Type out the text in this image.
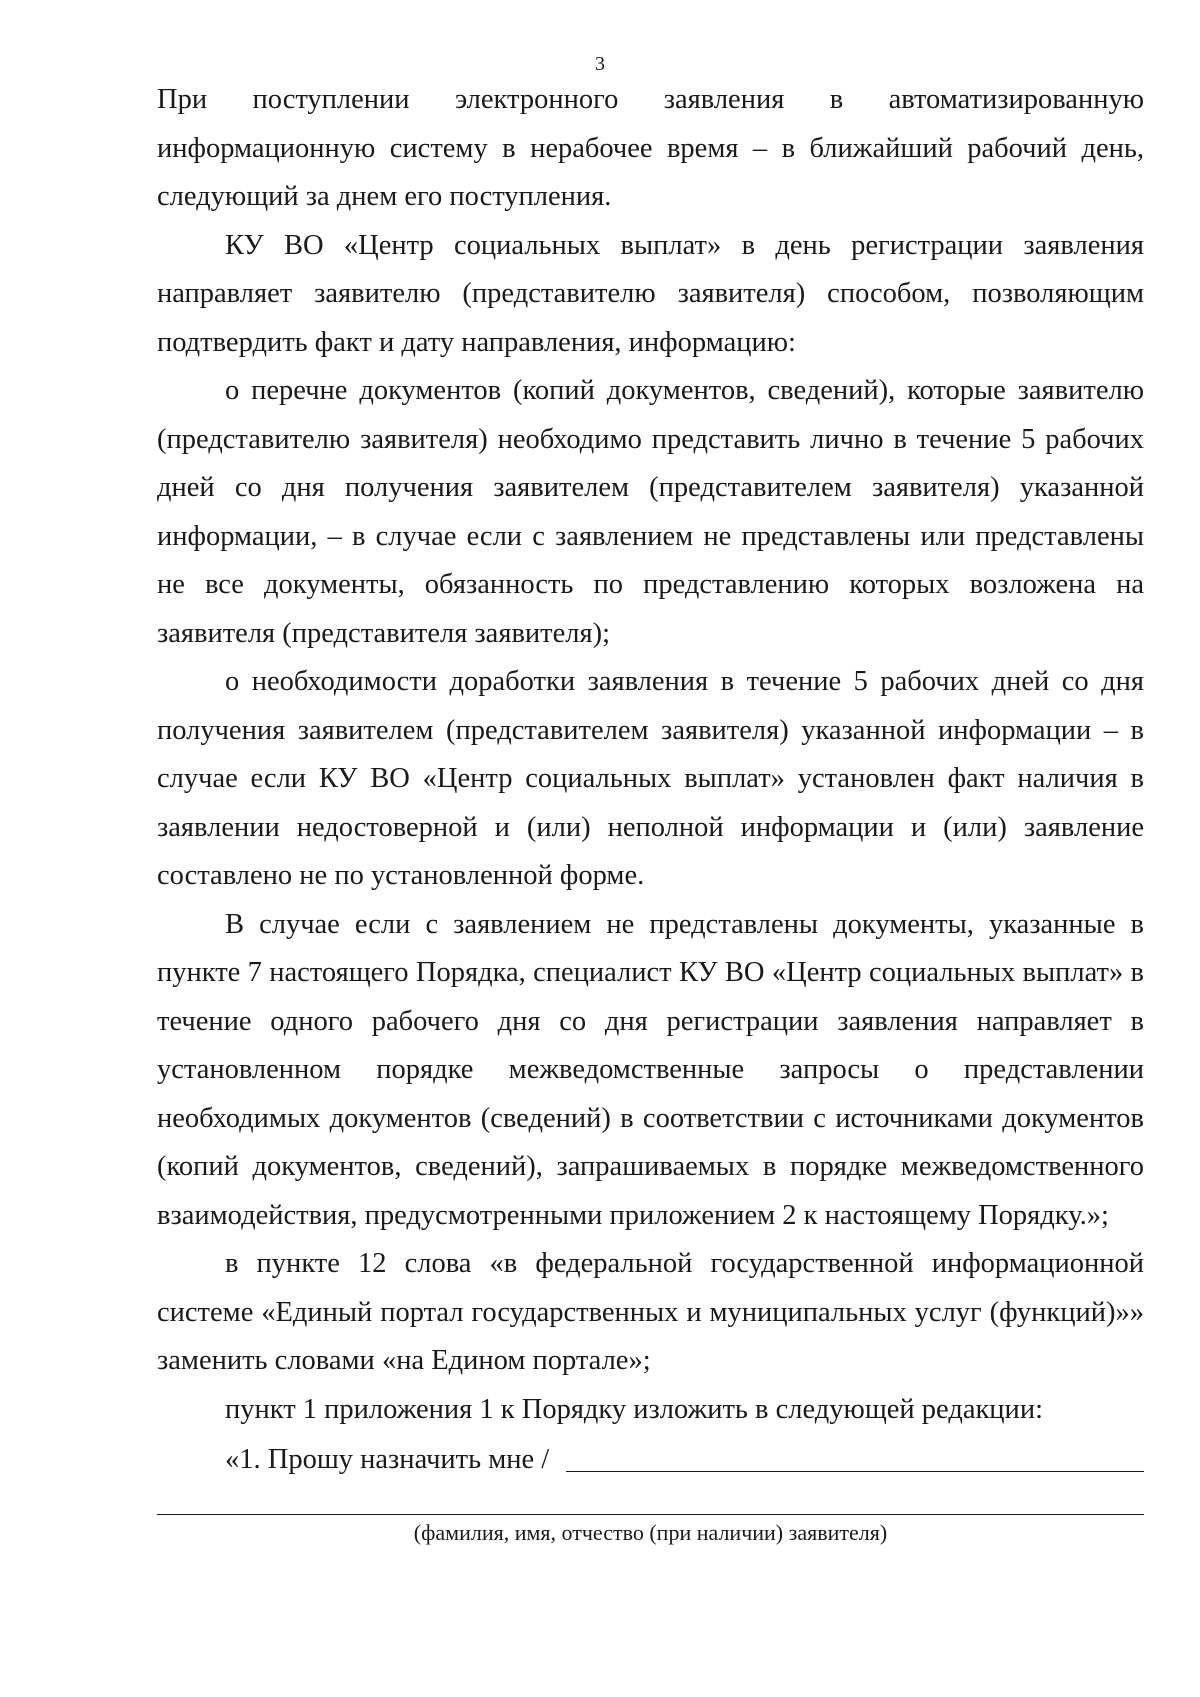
3

При поступлении электронного заявления в автоматизированную информационную систему в нерабочее время – в ближайший рабочий день, следующий за днем его поступления.

КУ ВО «Центр социальных выплат» в день регистрации заявления направляет заявителю (представителю заявителя) способом, позволяющим подтвердить факт и дату направления, информацию:

о перечне документов (копий документов, сведений), которые заявителю (представителю заявителя) необходимо представить лично в течение 5 рабочих дней со дня получения заявителем (представителем заявителя) указанной информации, – в случае если с заявлением не представлены или представлены не все документы, обязанность по представлению которых возложена на заявителя (представителя заявителя);

о необходимости доработки заявления в течение 5 рабочих дней со дня получения заявителем (представителем заявителя) указанной информации – в случае если КУ ВО «Центр социальных выплат» установлен факт наличия в заявлении недостоверной и (или) неполной информации и (или) заявление составлено не по установленной форме.

В случае если с заявлением не представлены документы, указанные в пункте 7 настоящего Порядка, специалист КУ ВО «Центр социальных выплат» в течение одного рабочего дня со дня регистрации заявления направляет в установленном порядке межведомственные запросы о представлении необходимых документов (сведений) в соответствии с источниками документов (копий документов, сведений), запрашиваемых в порядке межведомственного взаимодействия, предусмотренными приложением 2 к настоящему Порядку.»;

в пункте 12 слова «в федеральной государственной информационной системе «Единый портал государственных и муниципальных услуг (функций)»» заменить словами «на Едином портале»;

пункт 1 приложения 1 к Порядку изложить в следующей редакции:

«1. Прошу назначить мне /
(фамилия, имя, отчество (при наличии) заявителя)
